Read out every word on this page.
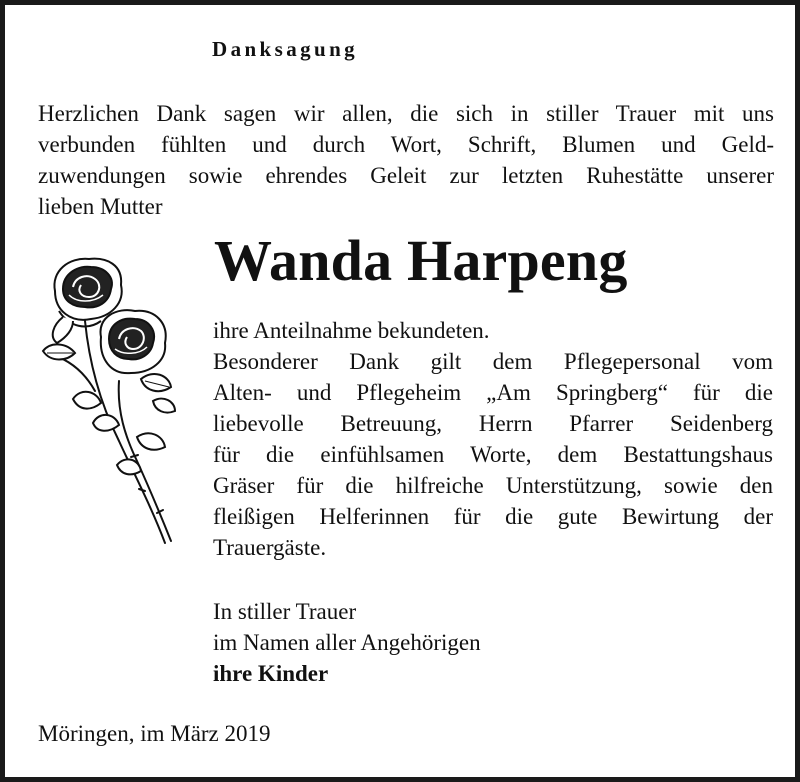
Danksagung
Herzlichen Dank sagen wir allen, die sich in stiller Trauer mit uns
verbunden fühlten und durch Wort, Schrift, Blumen und Geld-
zuwendungen sowie ehrendes Geleit zur letzten Ruhestätte unserer
lieben Mutter
Wanda Harpeng
ihre Anteilnahme bekundeten.
Besonderer Dank gilt dem Pflegepersonal vom
Alten- und Pflegeheim „Am Springberg“ für die
liebevolle Betreuung, Herrn Pfarrer Seidenberg
für die einfühlsamen Worte, dem Bestattungshaus
Gräser für die hilfreiche Unterstützung, sowie den
fleißigen Helferinnen für die gute Bewirtung der
Trauergäste.
In stiller Trauer
im Namen aller Angehörigen
ihre Kinder
Möringen, im März 2019
